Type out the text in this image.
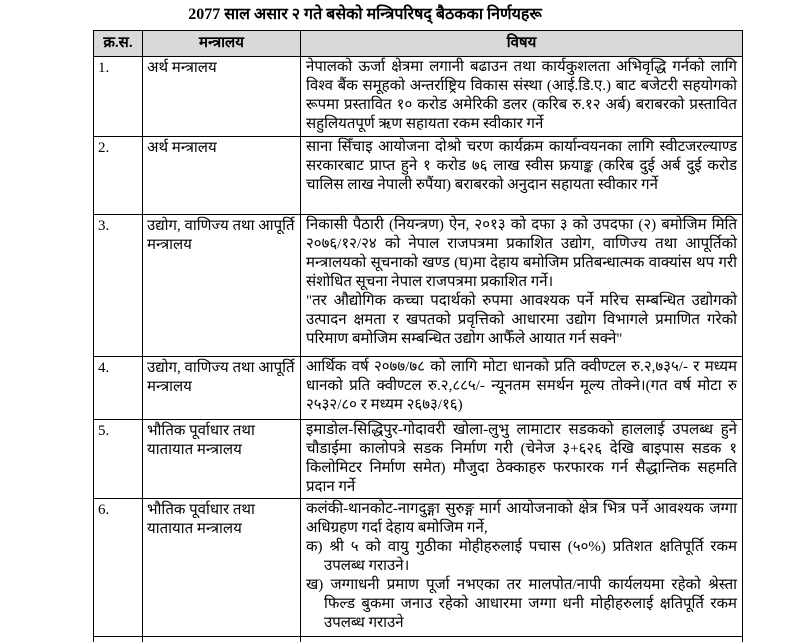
2077 साल असार २ गते बसेको मन्त्रिपरिषद् बैठकका निर्णयहरू
क्र.स.	मन्त्रालय	विषय
1.	अर्थ मन्त्रालय	नेपालको ऊर्जा क्षेत्रमा लगानी बढाउन तथा कार्यकुशलता अभिवृद्धि गर्नको लागि विश्व बैंक समूहको अन्तर्राष्ट्रिय विकास संस्था (आई.डि.ए.) बाट बजेटरी सहयोगको रूपमा प्रस्तावित १० करोड अमेरिकी डलर (करिब रु.१२ अर्ब) बराबरको प्रस्तावित सहुलियतपूर्ण ऋण सहायता रकम स्वीकार गर्ने

2.	अर्थ मन्त्रालय	साना सिँचाइ आयोजना दोश्रो चरण कार्यक्रम कार्यान्वयनका लागि स्वीटजरल्याण्ड सरकारबाट प्राप्त हुने १ करोड ७६ लाख स्वीस फ्रयाङ्क (करिब दुई अर्ब दुई करोड चालिस लाख नेपाली रुपैंया) बराबरको अनुदान सहायता स्वीकार गर्ने

3.	उद्योग, वाणिज्य तथा आपूर्ति मन्त्रालय	निकासी पैठारी (नियन्त्रण) ऐन, २०१३ को दफा ३ को उपदफा (२) बमोजिम मिति २०७६/१२/२४ को नेपाल राजपत्रमा प्रकाशित उद्योग, वाणिज्य तथा आपूर्तिको मन्त्रालयको सूचनाको खण्ड (घ)मा देहाय बमोजिम प्रतिबन्धात्मक वाक्यांस थप गरी संशोधित सूचना नेपाल राजपत्रमा प्रकाशित गर्ने।

"तर औद्योगिक कच्चा पदार्थको रुपमा आवश्यक पर्ने मरिच सम्बन्धित उद्योगको उत्पादन क्षमता र खपतको प्रवृत्तिको आधारमा उद्योग विभागले प्रमाणित गरेको परिमाण बमोजिम सम्बन्धित उद्योग आफैँले आयात गर्न सक्ने"

4.	उद्योग, वाणिज्य तथा आपूर्ति मन्त्रालय	आर्थिक वर्ष २०७७/७८ को लागि मोटा धानको प्रति क्वीण्टल रु.२,७३५/- र मध्यम धानको प्रति क्वीण्टल रु.२,८८५/- न्यूनतम समर्थन मूल्य तोक्ने।(गत वर्ष मोटा रु २५३२/८० र मध्यम २६७३/१६)

5.	भौतिक पूर्वाधार तथा यातायात मन्त्रालय	इमाडोल-सिद्धिपुर-गोदावरी खोला-लुभु लामाटार सडकको हाललाई उपलब्ध हुने चौडाईमा कालोपत्रे सडक निर्माण गरी (चेनेज ३+६२६ देखि बाइपास सडक १ किलोमिटर निर्माण समेत) मौजुदा ठेक्काहरु फरफारक गर्न सैद्धान्तिक सहमति प्रदान गर्ने

6.	भौतिक पूर्वाधार तथा यातायात मन्त्रालय	कलंकी-थानकोट-नागदुङ्गा सुरुङ्ग मार्ग आयोजनाको क्षेत्र भित्र पर्ने आवश्यक जग्गा अधिग्रहण गर्दा देहाय बमोजिम गर्ने,

क) श्री ५ को वायु गुठीका मोहीहरुलाई पचास (५०%) प्रतिशत क्षतिपूर्ति रकम उपलब्ध गराउने।

ख) जग्गाधनी प्रमाण पूर्जा नभएका तर मालपोत/नापी कार्यलयमा रहेको श्रेस्ता फिल्ड बुकमा जनाउ रहेको आधारमा जग्गा धनी मोहीहरुलाई क्षतिपूर्ति रकम उपलब्ध गराउने
